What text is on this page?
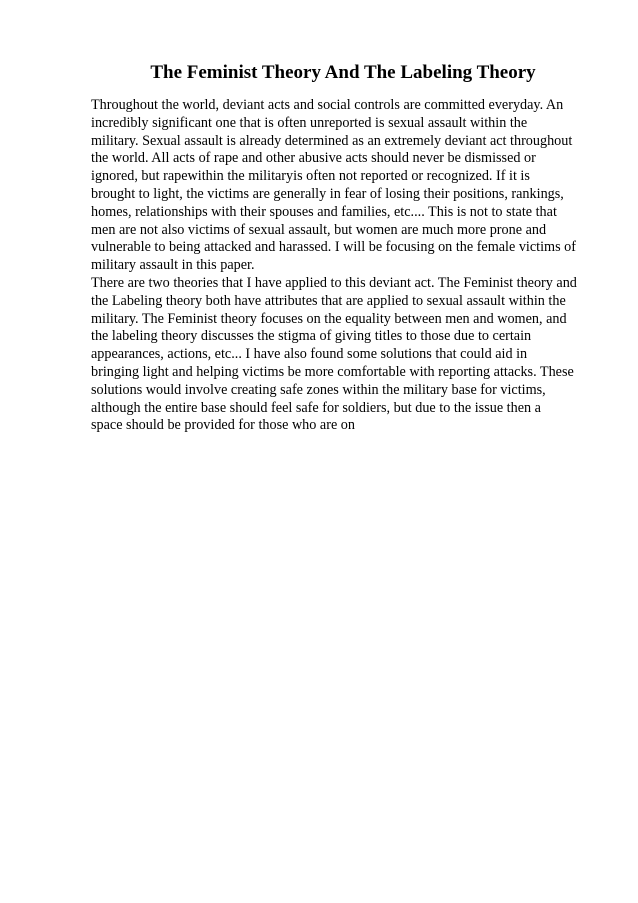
The Feminist Theory And The Labeling Theory
Throughout the world, deviant acts and social controls are committed everyday. An
incredibly significant one that is often unreported is sexual assault within the
military. Sexual assault is already determined as an extremely deviant act throughout
the world. All acts of rape and other abusive acts should never be dismissed or
ignored, but rapewithin the militaryis often not reported or recognized. If it is
brought to light, the victims are generally in fear of losing their positions, rankings,
homes, relationships with their spouses and families, etc.... This is not to state that
men are not also victims of sexual assault, but women are much more prone and
vulnerable to being attacked and harassed. I will be focusing on the female victims of
military assault in this paper.
There are two theories that I have applied to this deviant act. The Feminist theory and
the Labeling theory both have attributes that are applied to sexual assault within the
military. The Feminist theory focuses on the equality between men and women, and
the labeling theory discusses the stigma of giving titles to those due to certain
appearances, actions, etc... I have also found some solutions that could aid in
bringing light and helping victims be more comfortable with reporting attacks. These
solutions would involve creating safe zones within the military base for victims,
although the entire base should feel safe for soldiers, but due to the issue then a
space should be provided for those who are on
